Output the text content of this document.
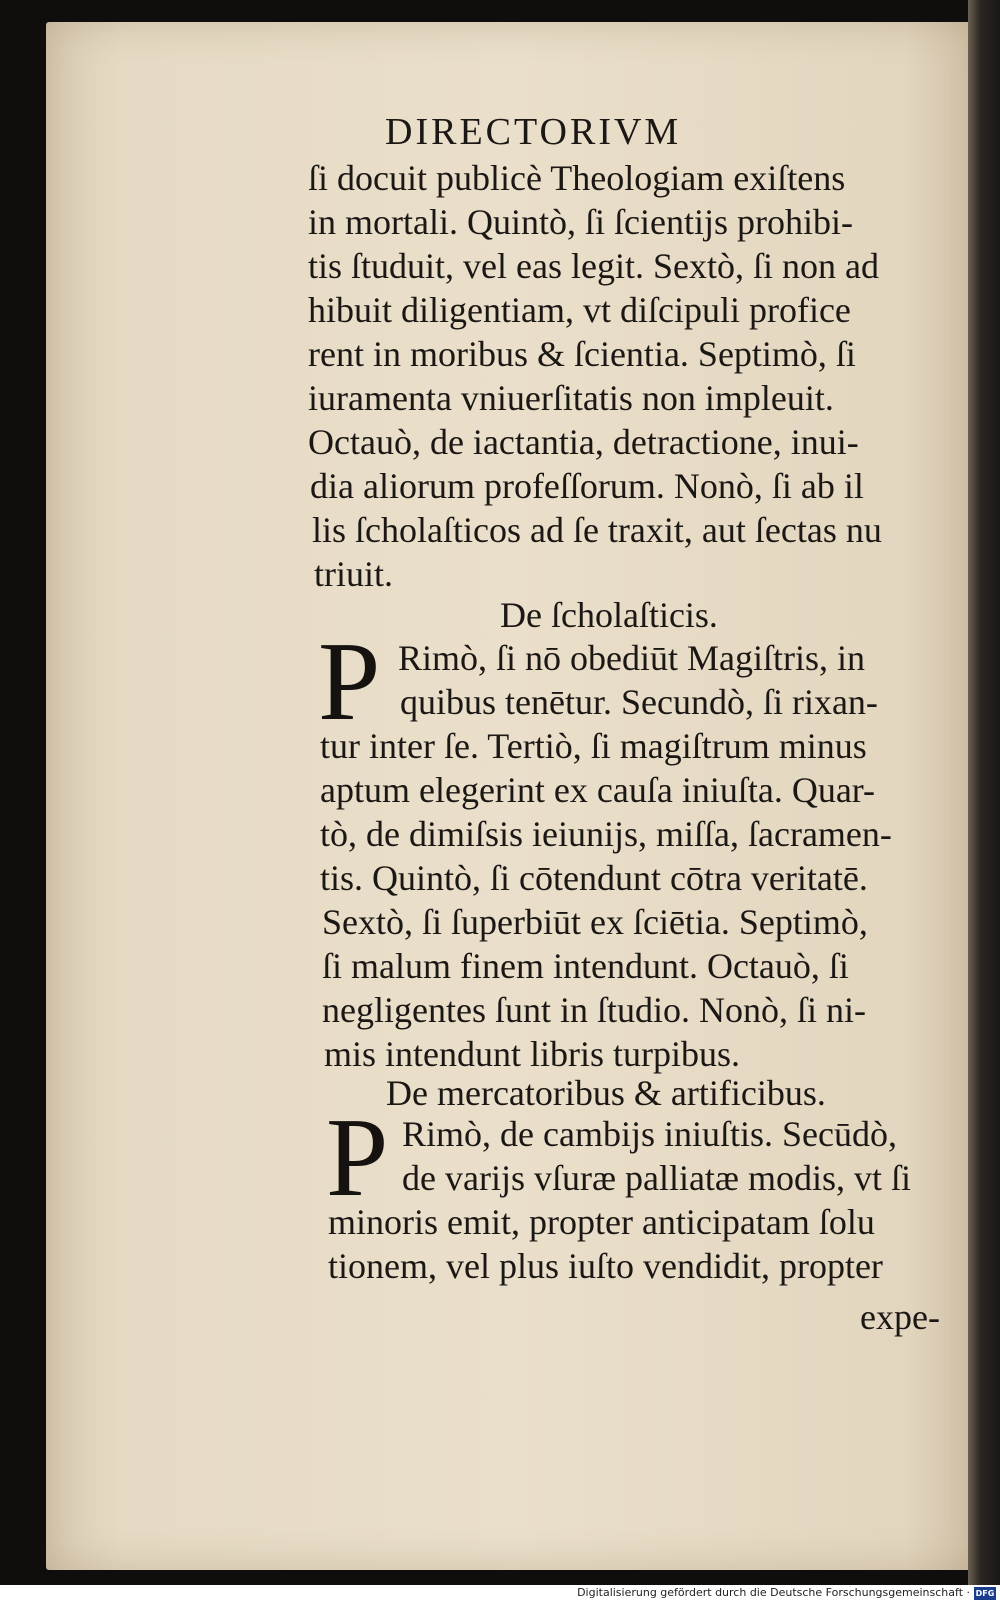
DIRECTORIVM
ſi docuit publicè Theologiam exiſtens
in mortali. Quintò, ſi ſcientijs prohibi-
tis ſtuduit, vel eas legit. Sextò, ſi non ad
hibuit diligentiam, vt diſcipuli profice
rent in moribus & ſcientia. Septimò, ſi
iuramenta vniuerſitatis non impleuit.
Octauò, de iactantia, detractione, inui-
dia aliorum profeſſorum. Nonò, ſi ab il
lis ſcholaſticos ad ſe traxit, aut ſectas nu
triuit.
De ſcholaſticis.
P Rimò, ſi nō obediūt Magiſtris, in
quibus tenētur. Secundò, ſi rixan-
tur inter ſe. Tertiò, ſi magiſtrum minus
aptum elegerint ex cauſa iniuſta. Quar-
tò, de dimiſsis ieiunijs, miſſa, ſacramen-
tis. Quintò, ſi cōtendunt cōtra veritatē.
Sextò, ſi ſuperbiūt ex ſciētia. Septimò,
ſi malum finem intendunt. Octauò, ſi
negligentes ſunt in ſtudio. Nonò, ſi ni-
mis intendunt libris turpibus.
De mercatoribus & artificibus.
P Rimò, de cambijs iniuſtis. Secūdò,
de varijs vſuræ palliatæ modis, vt ſi
minoris emit, propter anticipatam ſolu
tionem, vel plus iuſto vendidit, propter
expe-
Digitalisierung gefördert durch die Deutsche Forschungsgemeinschaft · DFG
